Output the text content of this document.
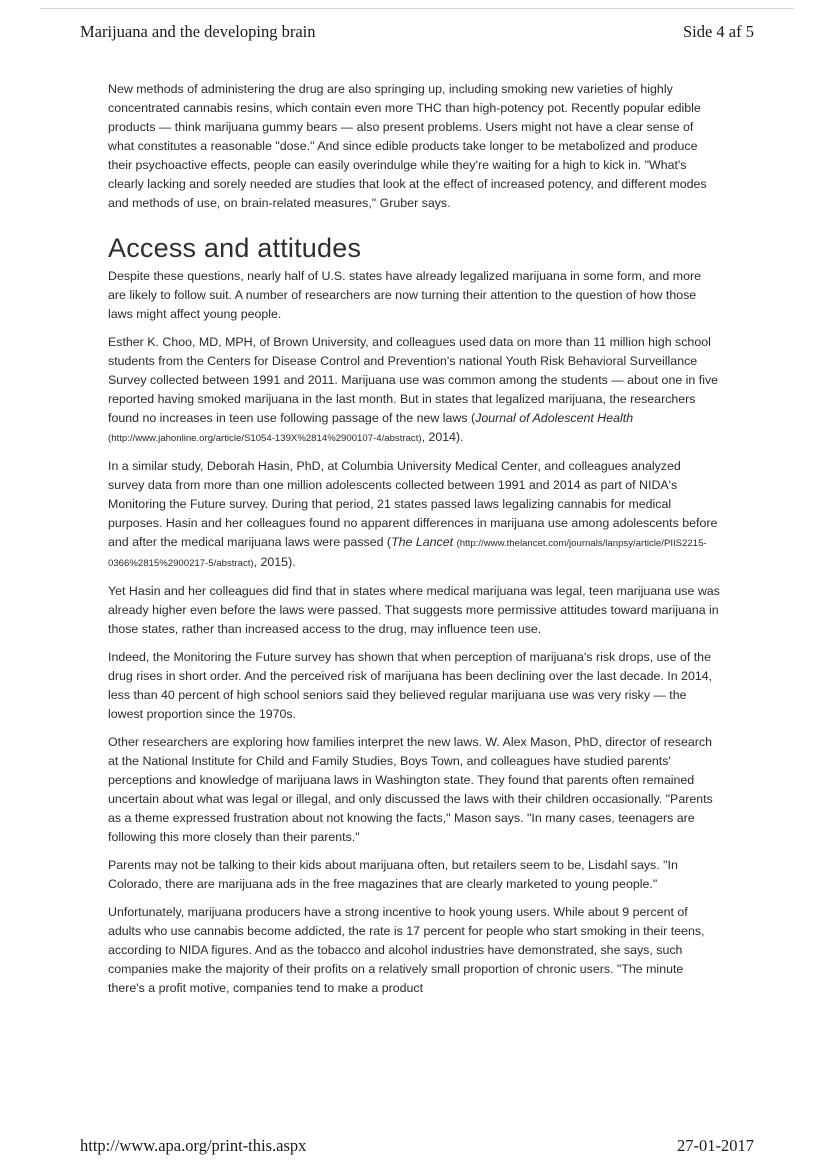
Marijuana and the developing brain	Side 4 af 5

New methods of administering the drug are also springing up, including smoking new varieties of highly concentrated cannabis resins, which contain even more THC than high-potency pot. Recently popular edible products — think marijuana gummy bears — also present problems. Users might not have a clear sense of what constitutes a reasonable "dose." And since edible products take longer to be metabolized and produce their psychoactive effects, people can easily overindulge while they're waiting for a high to kick in. "What's clearly lacking and sorely needed are studies that look at the effect of increased potency, and different modes and methods of use, on brain-related measures," Gruber says.

Access and attitudes

Despite these questions, nearly half of U.S. states have already legalized marijuana in some form, and more are likely to follow suit. A number of researchers are now turning their attention to the question of how those laws might affect young people.

Esther K. Choo, MD, MPH, of Brown University, and colleagues used data on more than 11 million high school students from the Centers for Disease Control and Prevention's national Youth Risk Behavioral Surveillance Survey collected between 1991 and 2011. Marijuana use was common among the students — about one in five reported having smoked marijuana in the last month. But in states that legalized marijuana, the researchers found no increases in teen use following passage of the new laws (Journal of Adolescent Health (http://www.jahonline.org/article/S1054-139X%2814%2900107-4/abstract), 2014).

In a similar study, Deborah Hasin, PhD, at Columbia University Medical Center, and colleagues analyzed survey data from more than one million adolescents collected between 1991 and 2014 as part of NIDA's Monitoring the Future survey. During that period, 21 states passed laws legalizing cannabis for medical purposes. Hasin and her colleagues found no apparent differences in marijuana use among adolescents before and after the medical marijuana laws were passed (The Lancet (http://www.thelancet.com/journals/lanpsy/article/PIIS2215-0366%2815%2900217-5/abstract), 2015).

Yet Hasin and her colleagues did find that in states where medical marijuana was legal, teen marijuana use was already higher even before the laws were passed. That suggests more permissive attitudes toward marijuana in those states, rather than increased access to the drug, may influence teen use.

Indeed, the Monitoring the Future survey has shown that when perception of marijuana's risk drops, use of the drug rises in short order. And the perceived risk of marijuana has been declining over the last decade. In 2014, less than 40 percent of high school seniors said they believed regular marijuana use was very risky — the lowest proportion since the 1970s.

Other researchers are exploring how families interpret the new laws. W. Alex Mason, PhD, director of research at the National Institute for Child and Family Studies, Boys Town, and colleagues have studied parents' perceptions and knowledge of marijuana laws in Washington state. They found that parents often remained uncertain about what was legal or illegal, and only discussed the laws with their children occasionally. "Parents as a theme expressed frustration about not knowing the facts," Mason says. "In many cases, teenagers are following this more closely than their parents."

Parents may not be talking to their kids about marijuana often, but retailers seem to be, Lisdahl says. "In Colorado, there are marijuana ads in the free magazines that are clearly marketed to young people."

Unfortunately, marijuana producers have a strong incentive to hook young users. While about 9 percent of adults who use cannabis become addicted, the rate is 17 percent for people who start smoking in their teens, according to NIDA figures. And as the tobacco and alcohol industries have demonstrated, she says, such companies make the majority of their profits on a relatively small proportion of chronic users. "The minute there's a profit motive, companies tend to make a product

http://www.apa.org/print-this.aspx	27-01-2017
